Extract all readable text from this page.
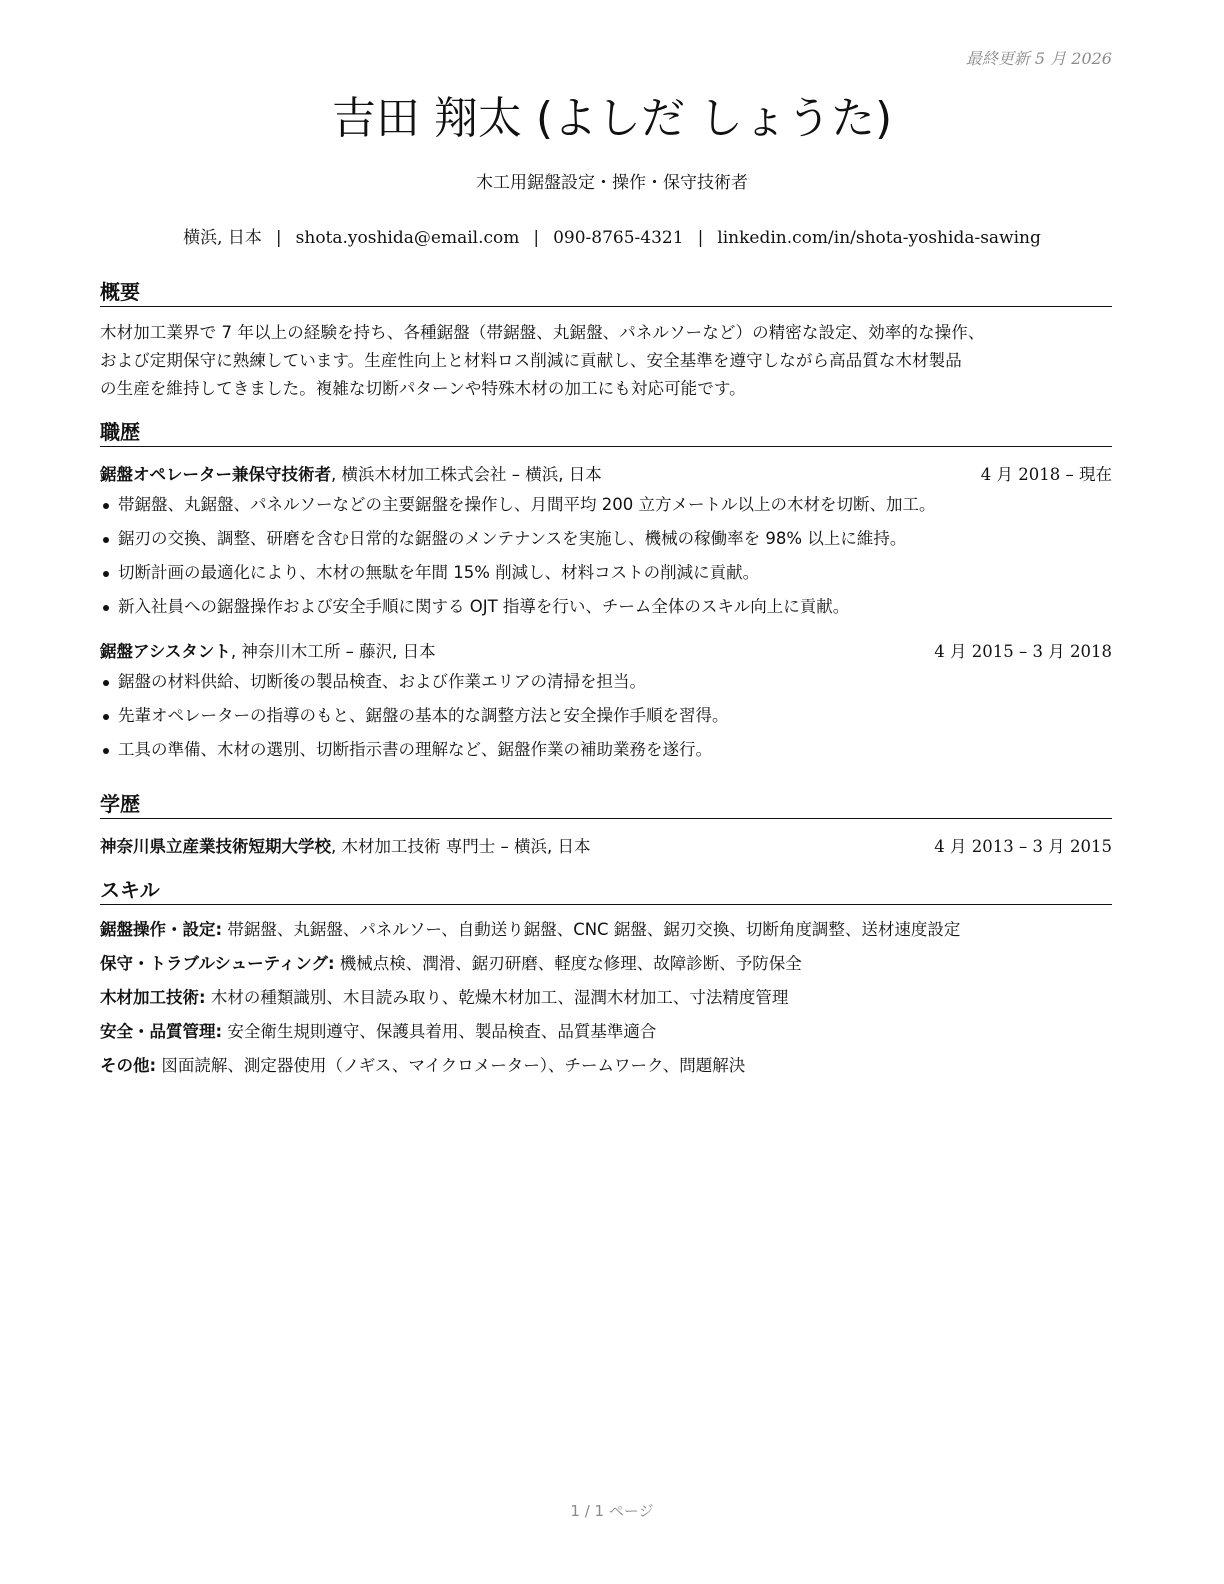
最終更新 5 月 2026
吉田 翔太 (よしだ しょうた)
木工用鋸盤設定・操作・保守技術者
横浜, 日本 | shota.yoshida@email.com | 090-8765-4321 | linkedin.com/in/shota-yoshida-sawing
概要
木材加工業界で 7 年以上の経験を持ち、各種鋸盤（帯鋸盤、丸鋸盤、パネルソーなど）の精密な設定、効率的な操作、
および定期保守に熟練しています。生産性向上と材料ロス削減に貢献し、安全基準を遵守しながら高品質な木材製品
の生産を維持してきました。複雑な切断パターンや特殊木材の加工にも対応可能です。
職歴
鋸盤オペレーター兼保守技術者, 横浜木材加工株式会社 – 横浜, 日本	4 月 2018 – 現在
帯鋸盤、丸鋸盤、パネルソーなどの主要鋸盤を操作し、月間平均 200 立方メートル以上の木材を切断、加工。
鋸刃の交換、調整、研磨を含む日常的な鋸盤のメンテナンスを実施し、機械の稼働率を 98% 以上に維持。
切断計画の最適化により、木材の無駄を年間 15% 削減し、材料コストの削減に貢献。
新入社員への鋸盤操作および安全手順に関する OJT 指導を行い、チーム全体のスキル向上に貢献。
鋸盤アシスタント, 神奈川木工所 – 藤沢, 日本	4 月 2015 – 3 月 2018
鋸盤の材料供給、切断後の製品検査、および作業エリアの清掃を担当。
先輩オペレーターの指導のもと、鋸盤の基本的な調整方法と安全操作手順を習得。
工具の準備、木材の選別、切断指示書の理解など、鋸盤作業の補助業務を遂行。
学歴
神奈川県立産業技術短期大学校, 木材加工技術 専門士 – 横浜, 日本	4 月 2013 – 3 月 2015
スキル
鋸盤操作・設定: 帯鋸盤、丸鋸盤、パネルソー、自動送り鋸盤、CNC 鋸盤、鋸刃交換、切断角度調整、送材速度設定
保守・トラブルシューティング: 機械点検、潤滑、鋸刃研磨、軽度な修理、故障診断、予防保全
木材加工技術: 木材の種類識別、木目読み取り、乾燥木材加工、湿潤木材加工、寸法精度管理
安全・品質管理: 安全衛生規則遵守、保護具着用、製品検査、品質基準適合
その他: 図面読解、測定器使用（ノギス、マイクロメーター）、チームワーク、問題解決
1 / 1 ページ
